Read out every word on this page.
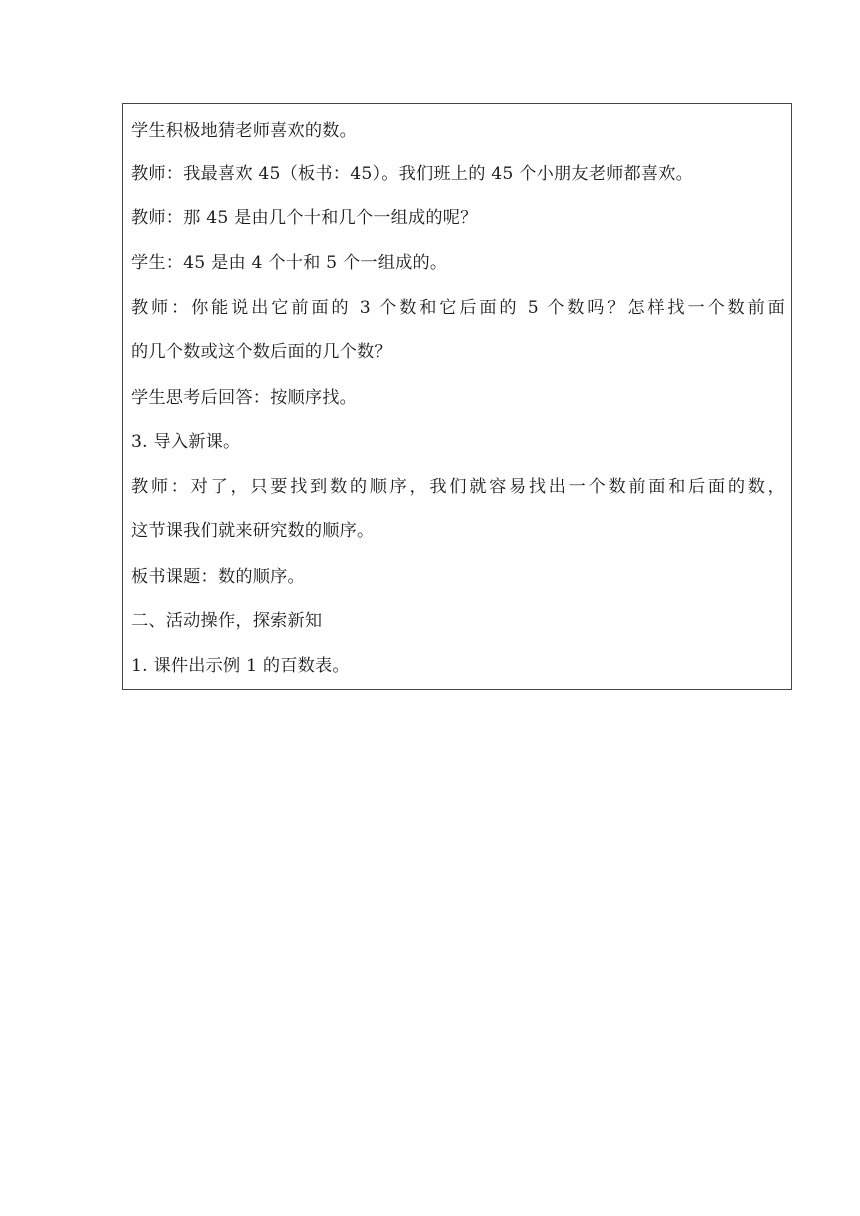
学生积极地猜老师喜欢的数。
教师：我最喜欢 45（板书：45）。我们班上的 45 个小朋友老师都喜欢。
教师：那 45 是由几个十和几个一组成的呢？
学生：45 是由 4 个十和 5 个一组成的。
教师：你能说出它前面的 3 个数和它后面的 5 个数吗？怎样找一个数前面
的几个数或这个数后面的几个数？
学生思考后回答：按顺序找。
3. 导入新课。
教师：对了，只要找到数的顺序，我们就容易找出一个数前面和后面的数，
这节课我们就来研究数的顺序。
板书课题：数的顺序。
二、活动操作，探索新知
1. 课件出示例 1 的百数表。
